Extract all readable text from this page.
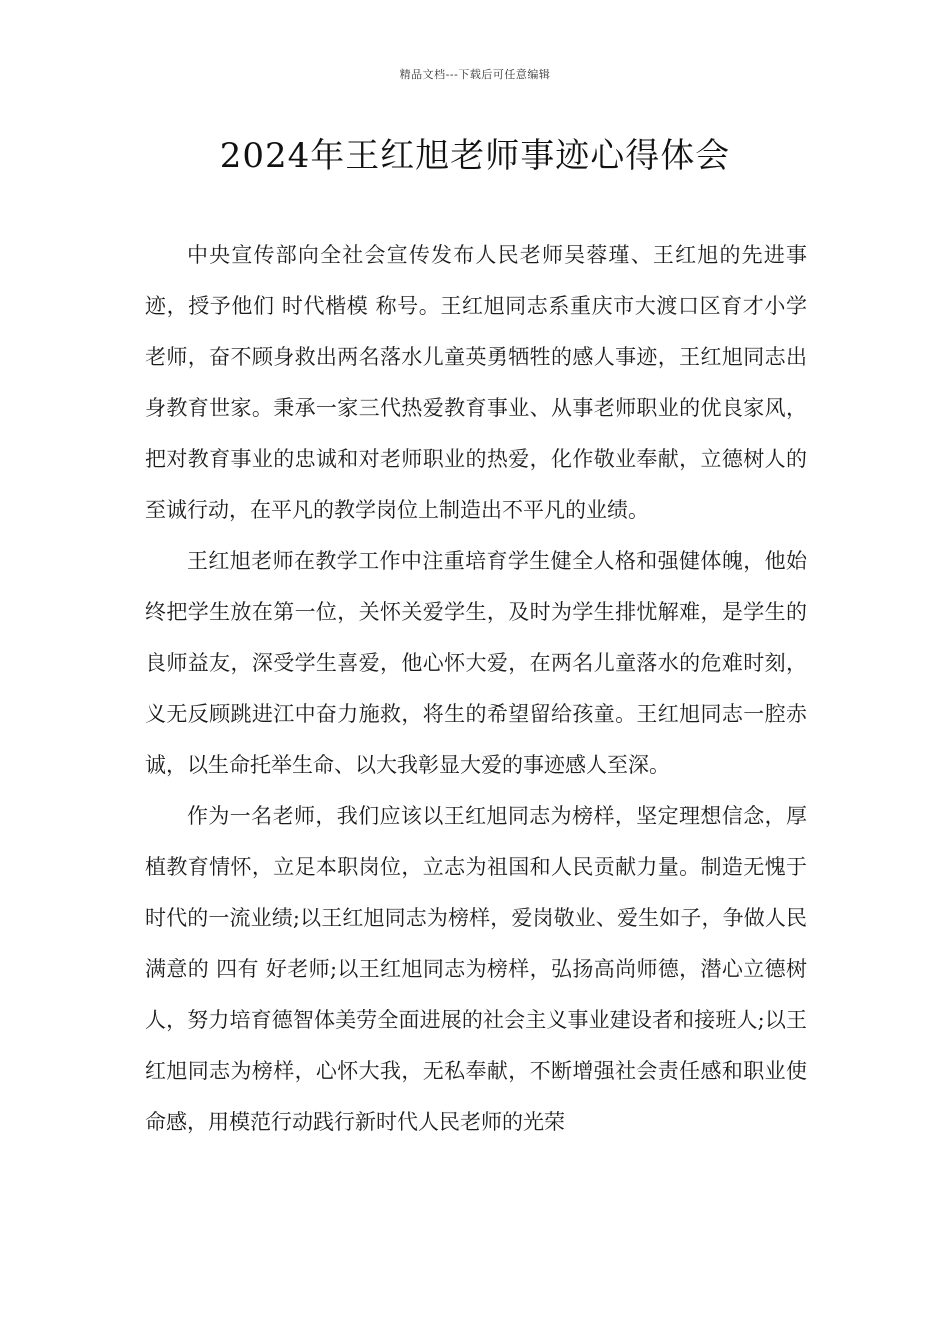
精品文档---下载后可任意编辑
2024年王红旭老师事迹心得体会

中央宣传部向全社会宣传发布人民老师吴蓉瑾、王红旭的先进事迹，授予他们 时代楷模 称号。王红旭同志系重庆市大渡口区育才小学老师，奋不顾身救出两名落水儿童英勇牺牲的感人事迹，王红旭同志出身教育世家。秉承一家三代热爱教育事业、从事老师职业的优良家风，把对教育事业的忠诚和对老师职业的热爱，化作敬业奉献，立德树人的至诚行动，在平凡的教学岗位上制造出不平凡的业绩。

王红旭老师在教学工作中注重培育学生健全人格和强健体魄，他始终把学生放在第一位，关怀关爱学生，及时为学生排忧解难，是学生的良师益友，深受学生喜爱，他心怀大爱，在两名儿童落水的危难时刻，义无反顾跳进江中奋力施救，将生的希望留给孩童。王红旭同志一腔赤诚，以生命托举生命、以大我彰显大爱的事迹感人至深。

作为一名老师，我们应该以王红旭同志为榜样，坚定理想信念，厚植教育情怀，立足本职岗位，立志为祖国和人民贡献力量。制造无愧于时代的一流业绩;以王红旭同志为榜样，爱岗敬业、爱生如子，争做人民满意的 四有 好老师;以王红旭同志为榜样，弘扬高尚师德，潜心立德树人，努力培育德智体美劳全面进展的社会主义事业建设者和接班人;以王红旭同志为榜样，心怀大我，无私奉献，不断增强社会责任感和职业使命感，用模范行动践行新时代人民老师的光荣
